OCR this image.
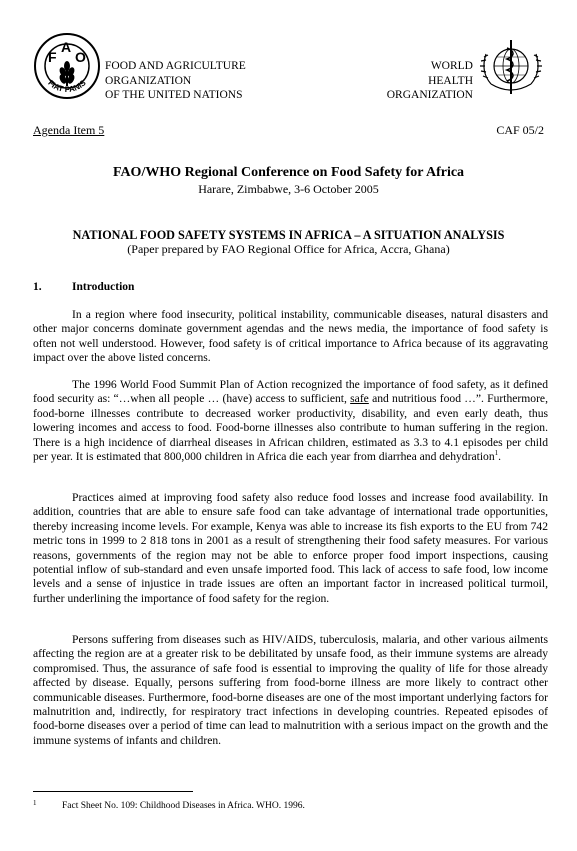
F
A
O
FIAT PANIS
FOOD AND AGRICULTURE
ORGANIZATION
OF THE UNITED NATIONS
WORLD
HEALTH
ORGANIZATION
Agenda Item 5	CAF 05/2
FAO/WHO Regional Conference on Food Safety for Africa
Harare, Zimbabwe, 3-6 October 2005
NATIONAL FOOD SAFETY SYSTEMS IN AFRICA – A SITUATION ANALYSIS
(Paper prepared by FAO Regional Office for Africa, Accra, Ghana)
1.	Introduction

In a region where food insecurity, political instability, communicable diseases, natural disasters and other major concerns dominate government agendas and the news media, the importance of food safety is often not well understood. However, food safety is of critical importance to Africa because of its aggravating impact over the above listed concerns.

The 1996 World Food Summit Plan of Action recognized the importance of food safety, as it defined food security as: “…when all people … (have) access to sufficient, safe and nutritious food …”. Furthermore, food-borne illnesses contribute to decreased worker productivity, disability, and even early death, thus lowering incomes and access to food. Food-borne illnesses also contribute to human suffering in the region. There is a high incidence of diarrheal diseases in African children, estimated as 3.3 to 4.1 episodes per child per year. It is estimated that 800,000 children in Africa die each year from diarrhea and dehydration$^1$.

Practices aimed at improving food safety also reduce food losses and increase food availability. In addition, countries that are able to ensure safe food can take advantage of international trade opportunities, thereby increasing income levels. For example, Kenya was able to increase its fish exports to the EU from 742 metric tons in 1999 to 2 818 tons in 2001 as a result of strengthening their food safety measures. For various reasons, governments of the region may not be able to enforce proper food import inspections, causing potential inflow of sub-standard and even unsafe imported food. This lack of access to safe food, low income levels and a sense of injustice in trade issues are often an important factor in increased political turmoil, further underlining the importance of food safety for the region.

Persons suffering from diseases such as HIV/AIDS, tuberculosis, malaria, and other various ailments affecting the region are at a greater risk to be debilitated by unsafe food, as their immune systems are already compromised. Thus, the assurance of safe food is essential to improving the quality of life for those already affected by disease. Equally, persons suffering from food-borne illness are more likely to contract other communicable diseases. Furthermore, food-borne diseases are one of the most important underlying factors for malnutrition and, indirectly, for respiratory tract infections in developing countries. Repeated episodes of food-borne diseases over a period of time can lead to malnutrition with a serious impact on the growth and the immune systems of infants and children.

1	Fact Sheet No. 109: Childhood Diseases in Africa. WHO. 1996.
